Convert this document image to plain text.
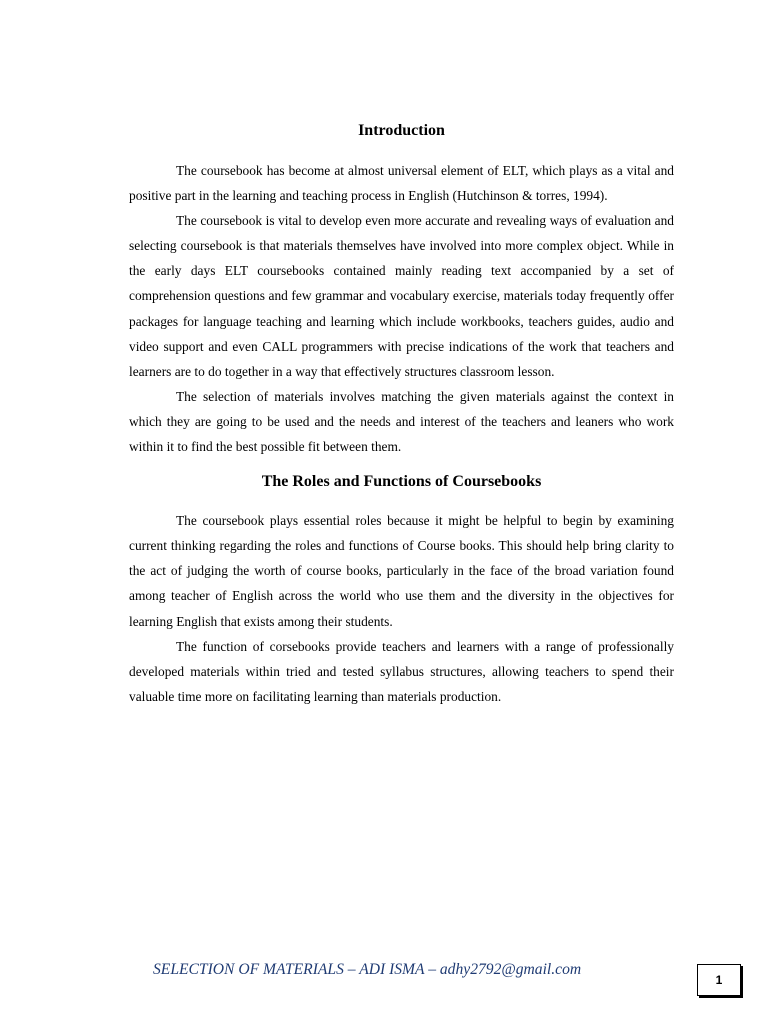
Introduction

The coursebook has become at almost universal element of ELT, which plays as a vital and positive part in the learning and teaching process in English (Hutchinson & torres, 1994).

The coursebook is vital to develop even more accurate and revealing ways of evaluation and selecting coursebook is that materials themselves have involved into more complex object. While in the early days ELT coursebooks contained mainly reading text accompanied by a set of comprehension questions and few grammar and vocabulary exercise, materials today frequently offer packages for language teaching and learning which include workbooks, teachers guides, audio and video support and even CALL programmers with precise indications of the work that teachers and learners are to do together in a way that effectively structures classroom lesson.

The selection of materials involves matching the given materials against the context in which they are going to be used and the needs and interest of the teachers and leaners who work within it to find the best possible fit between them.

The Roles and Functions of Coursebooks

The coursebook plays essential roles because it might be helpful to begin by examining current thinking regarding the roles and functions of Course books. This should help bring clarity to the act of judging the worth of course books, particularly in the face of the broad variation found among teacher of English across the world who use them and the diversity in the objectives for learning English that exists among their students.

The function of corsebooks provide teachers and learners with a range of professionally developed materials within tried and tested syllabus structures, allowing teachers to spend their valuable time more on facilitating learning than materials production.

SELECTION OF MATERIALS – ADI ISMA – adhy2792@gmail.com
1
